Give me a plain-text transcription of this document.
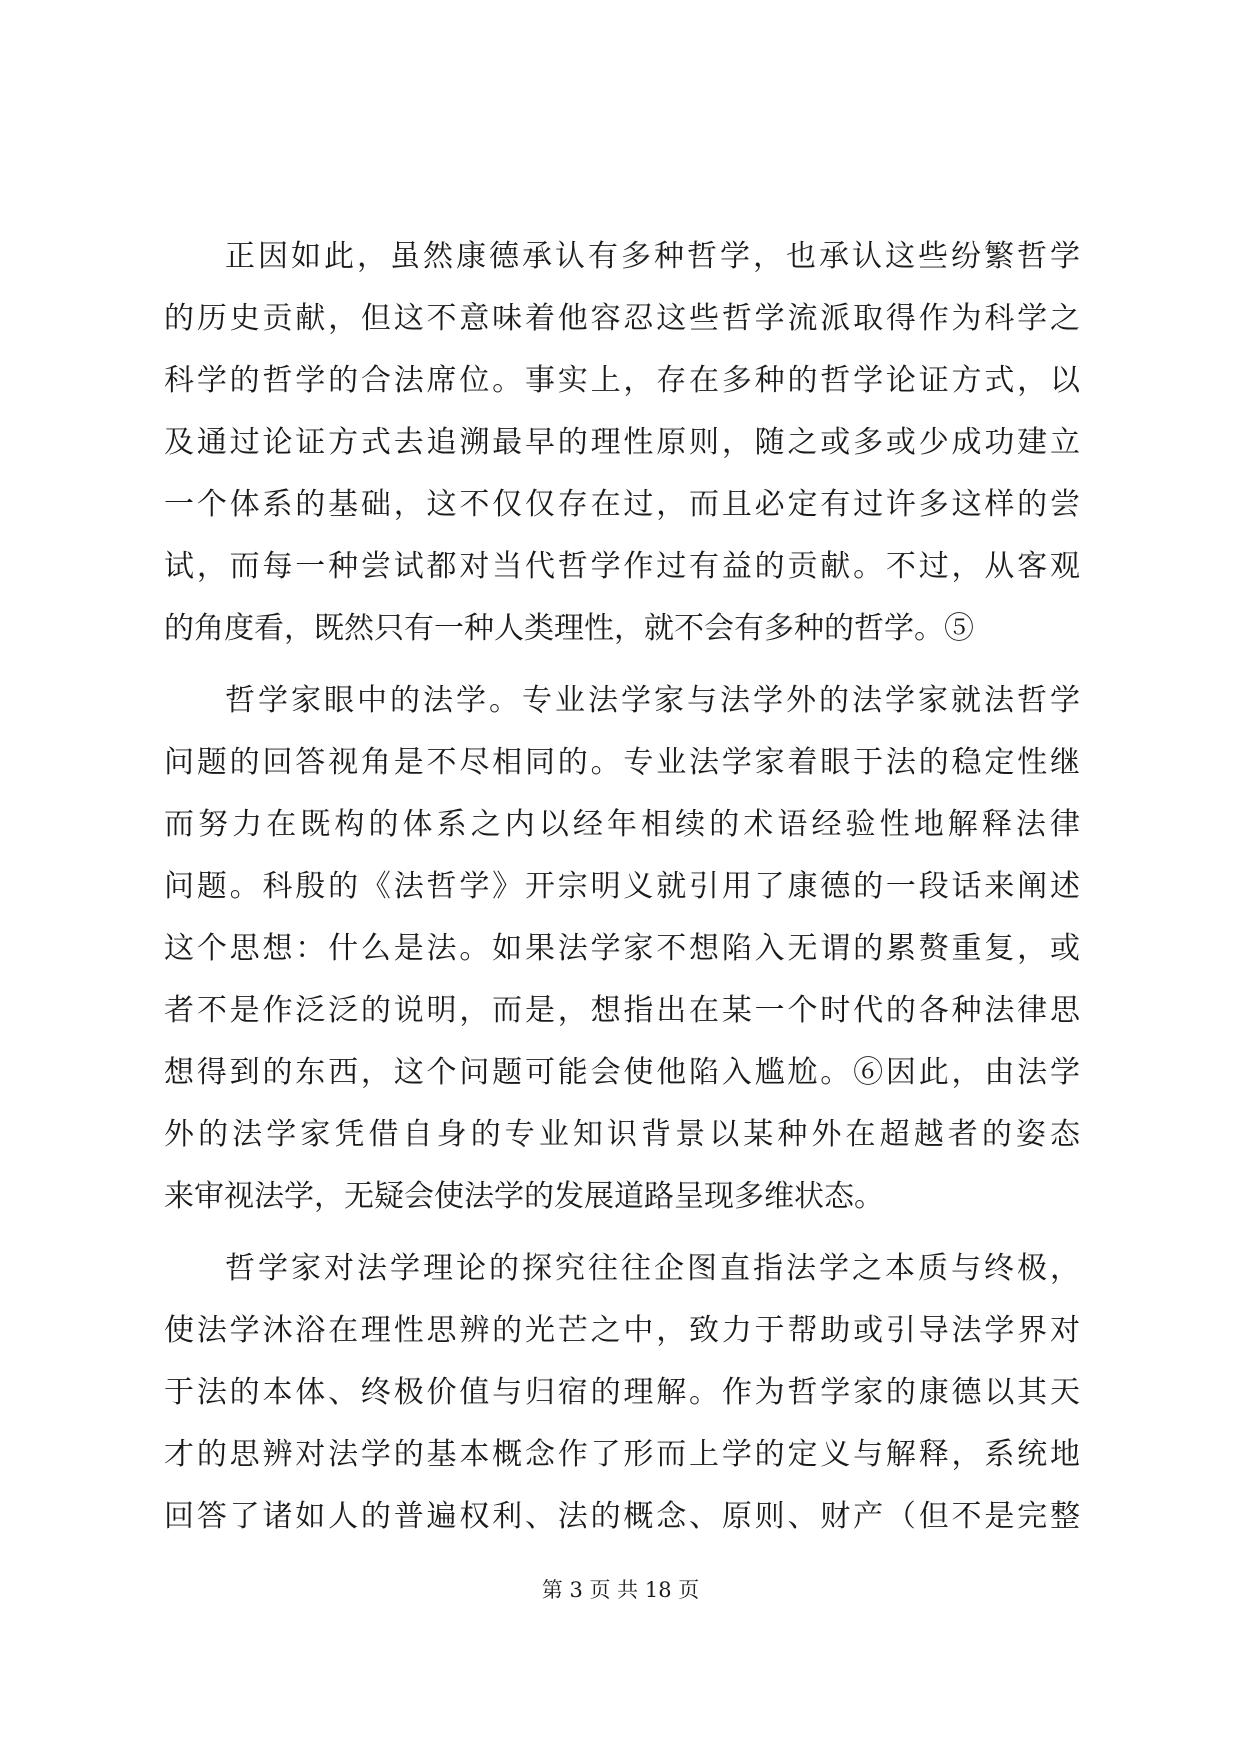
正因如此，虽然康德承认有多种哲学，也承认这些纷繁哲学
的历史贡献，但这不意味着他容忍这些哲学流派取得作为科学之
科学的哲学的合法席位。事实上，存在多种的哲学论证方式，以
及通过论证方式去追溯最早的理性原则，随之或多或少成功建立
一个体系的基础，这不仅仅存在过，而且必定有过许多这样的尝
试，而每一种尝试都对当代哲学作过有益的贡献。不过，从客观
的角度看，既然只有一种人类理性，就不会有多种的哲学。⑤
哲学家眼中的法学。专业法学家与法学外的法学家就法哲学
问题的回答视角是不尽相同的。专业法学家着眼于法的稳定性继
而努力在既构的体系之内以经年相续的术语经验性地解释法律
问题。科殷的《法哲学》开宗明义就引用了康德的一段话来阐述
这个思想：什么是法。如果法学家不想陷入无谓的累赘重复，或
者不是作泛泛的说明，而是，想指出在某一个时代的各种法律思
想得到的东西，这个问题可能会使他陷入尴尬。⑥因此，由法学
外的法学家凭借自身的专业知识背景以某种外在超越者的姿态
来审视法学，无疑会使法学的发展道路呈现多维状态。
哲学家对法学理论的探究往往企图直指法学之本质与终极，
使法学沐浴在理性思辨的光芒之中，致力于帮助或引导法学界对
于法的本体、终极价值与归宿的理解。作为哲学家的康德以其天
才的思辨对法学的基本概念作了形而上学的定义与解释，系统地
回答了诸如人的普遍权利、法的概念、原则、财产（但不是完整
第 3 页 共 18 页
